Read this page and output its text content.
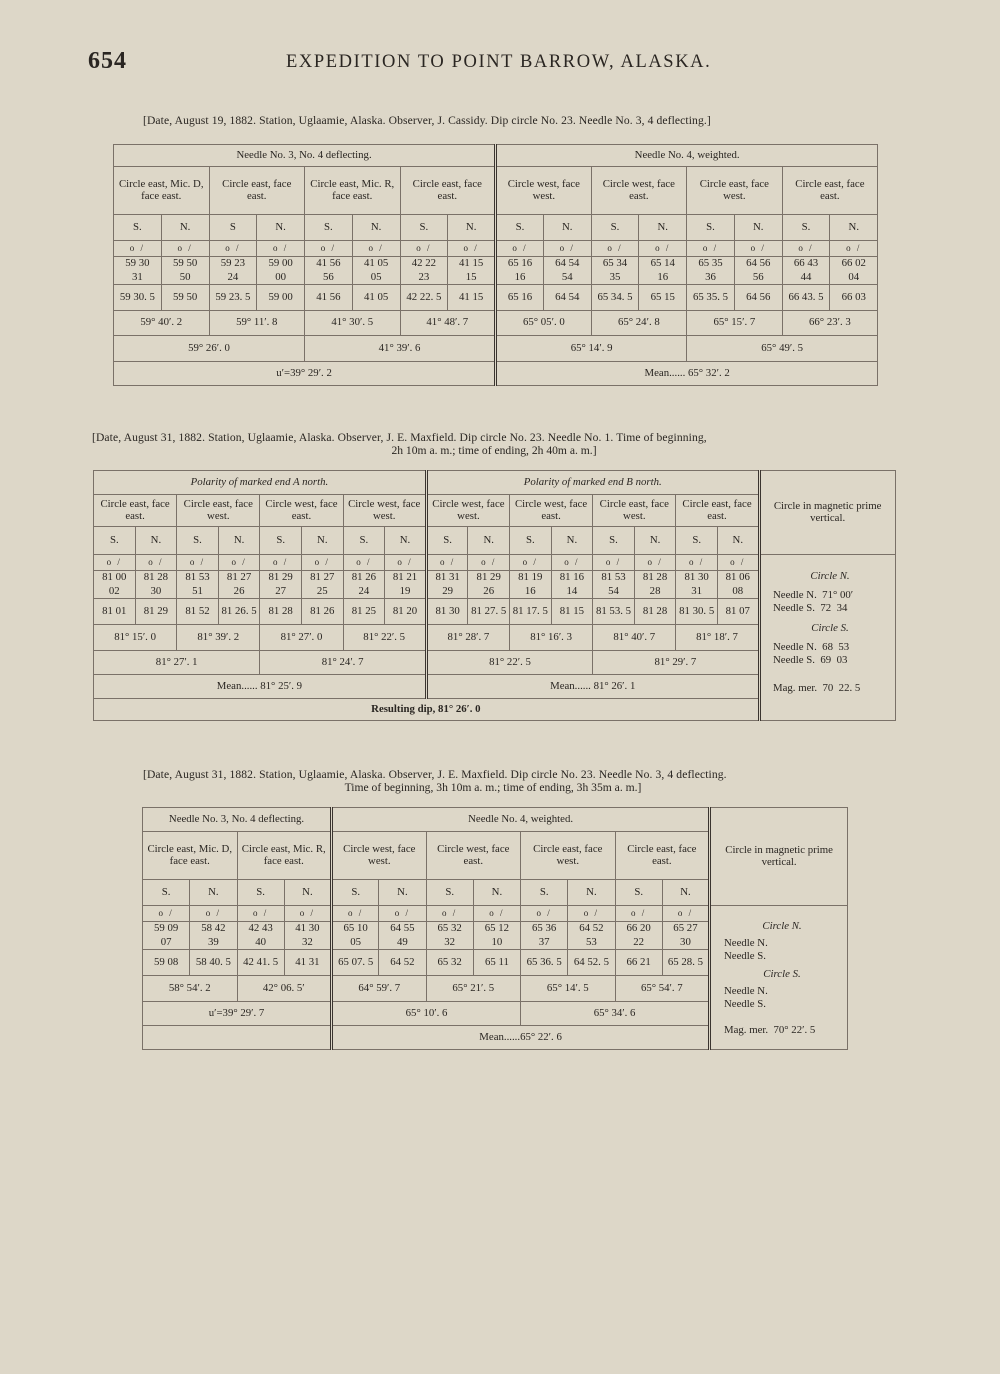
654	EXPEDITION TO POINT BARROW, ALASKA.
[Date, August 19, 1882. Station, Uglaamie, Alaska. Observer, J. Cassidy. Dip circle No. 23. Needle No. 3, 4 deflecting.]
Needle No. 3, No. 4 deflecting.								Needle No. 4, weighted.							
Circle east, Mic. D, face east.		Circle east, face east.		Circle east, Mic. R, face east.		Circle east, face east.		Circle west, face west.		Circle west, face east.		Circle east, face west.		Circle east, face east.	
S.	N.	S	N.	S.	N.	S.	N.	S.	N.	S.	N.	S.	N.	S.	N.
o /	o /	o /	o /	o /	o /	o /	o /	o /	o /	o /	o /	o /	o /	o /	o /
59 30	59 50	59 23	59 00	41 56	41 05	42 22	41 15	65 16	64 54	65 34	65 14	65 35	64 56	66 43	66 02
31	50	24	00	56	05	23	15	16	54	35	16	36	56	44	04
59 30. 5	59 50	59 23. 5	59 00	41 56	41 05	42 22. 5	41 15	65 16	64 54	65 34. 5	65 15	65 35. 5	64 56	66 43. 5	66 03
59° 40′. 2		59° 11′. 8		41° 30′. 5		41° 48′. 7		65° 05′. 0		65° 24′. 8		65° 15′. 7		66° 23′. 3	
59° 26′. 0				41° 39′. 6				65° 14′. 9				65° 49′. 5			
u′=39° 29′. 2								Mean...... 65° 32′. 2							
[Date, August 31, 1882. Station, Uglaamie, Alaska. Observer, J. E. Maxfield. Dip circle No. 23. Needle No. 1. Time of beginning,
2h 10m a. m.; time of ending, 2h 40m a. m.]
Polarity of marked end A north.								Polarity of marked end B north.								Circle in magnetic prime vertical.
Circle east, face east.		Circle east, face west.		Circle west, face east.		Circle west, face west.		Circle west, face west.		Circle west, face east.		Circle east, face west.		Circle east, face east.		
S.	N.	S.	N.	S.	N.	S.	N.	S.	N.	S.	N.	S.	N.	S.	N.	
o /	o /	o /	o /	o /	o /	o /	o /	o /	o /	o /	o /	o /	o /	o /	o /	
81 00	81 28	81 53	81 27	81 29	81 27	81 26	81 21	81 31	81 29	81 19	81 16	81 53	81 28	81 30	81 06	
02	30	51	26	27	25	24	19	29	26	16	14	54	28	31	08	
81 01	81 29	81 52	81 26. 5	81 28	81 26	81 25	81 20	81 30	81 27. 5	81 17. 5	81 15	81 53. 5	81 28	81 30. 5	81 07	
81° 15′. 0		81° 39′. 2		81° 27′. 0		81° 22′. 5		81° 28′. 7		81° 16′. 3		81° 40′. 7		81° 18′. 7		
81° 27′. 1				81° 24′. 7				81° 22′. 5				81° 29′. 7				
Mean...... 81° 25′. 9								Mean...... 81° 26′. 1								
Resulting dip, 81° 26′. 0																
Circle N.
Needle N.  71° 00′
Needle S.  72  34
Circle S.
Needle N.  68  53
Needle S.  69  03
Mag. mer.  70  22. 5
[Date, August 31, 1882. Station, Uglaamie, Alaska. Observer, J. E. Maxfield. Dip circle No. 23. Needle No. 3, 4 deflecting.
Time of beginning, 3h 10m a. m.; time of ending, 3h 35m a. m.]
Needle No. 3, No. 4 deflecting.				Needle No. 4, weighted.								Circle in magnetic prime vertical.
Circle east, Mic. D, face east.		Circle east, Mic. R, face east.		Circle west, face west.		Circle west, face east.		Circle east, face west.		Circle east, face east.		
S.	N.	S.	N.	S.	N.	S.	N.	S.	N.	S.	N.	
o /	o /	o /	o /	o /	o /	o /	o /	o /	o /	o /	o /	
59 09	58 42	42 43	41 30	65 10	64 55	65 32	65 12	65 36	64 52	66 20	65 27	
07	39	40	32	05	49	32	10	37	53	22	30	
59 08	58 40. 5	42 41. 5	41 31	65 07. 5	64 52	65 32	65 11	65 36. 5	64 52. 5	66 21	65 28. 5	
58° 54′. 2		42° 06. 5′		64° 59′. 7		65° 21′. 5		65° 14′. 5		65° 54′. 7		
u′=39° 29′. 7				65° 10′. 6				65° 34′. 6				
				Mean......65° 22′. 6								
Circle N.
Needle N.
Needle S.
Circle S.
Needle N.
Needle S.
Mag. mer.  70° 22′. 5
